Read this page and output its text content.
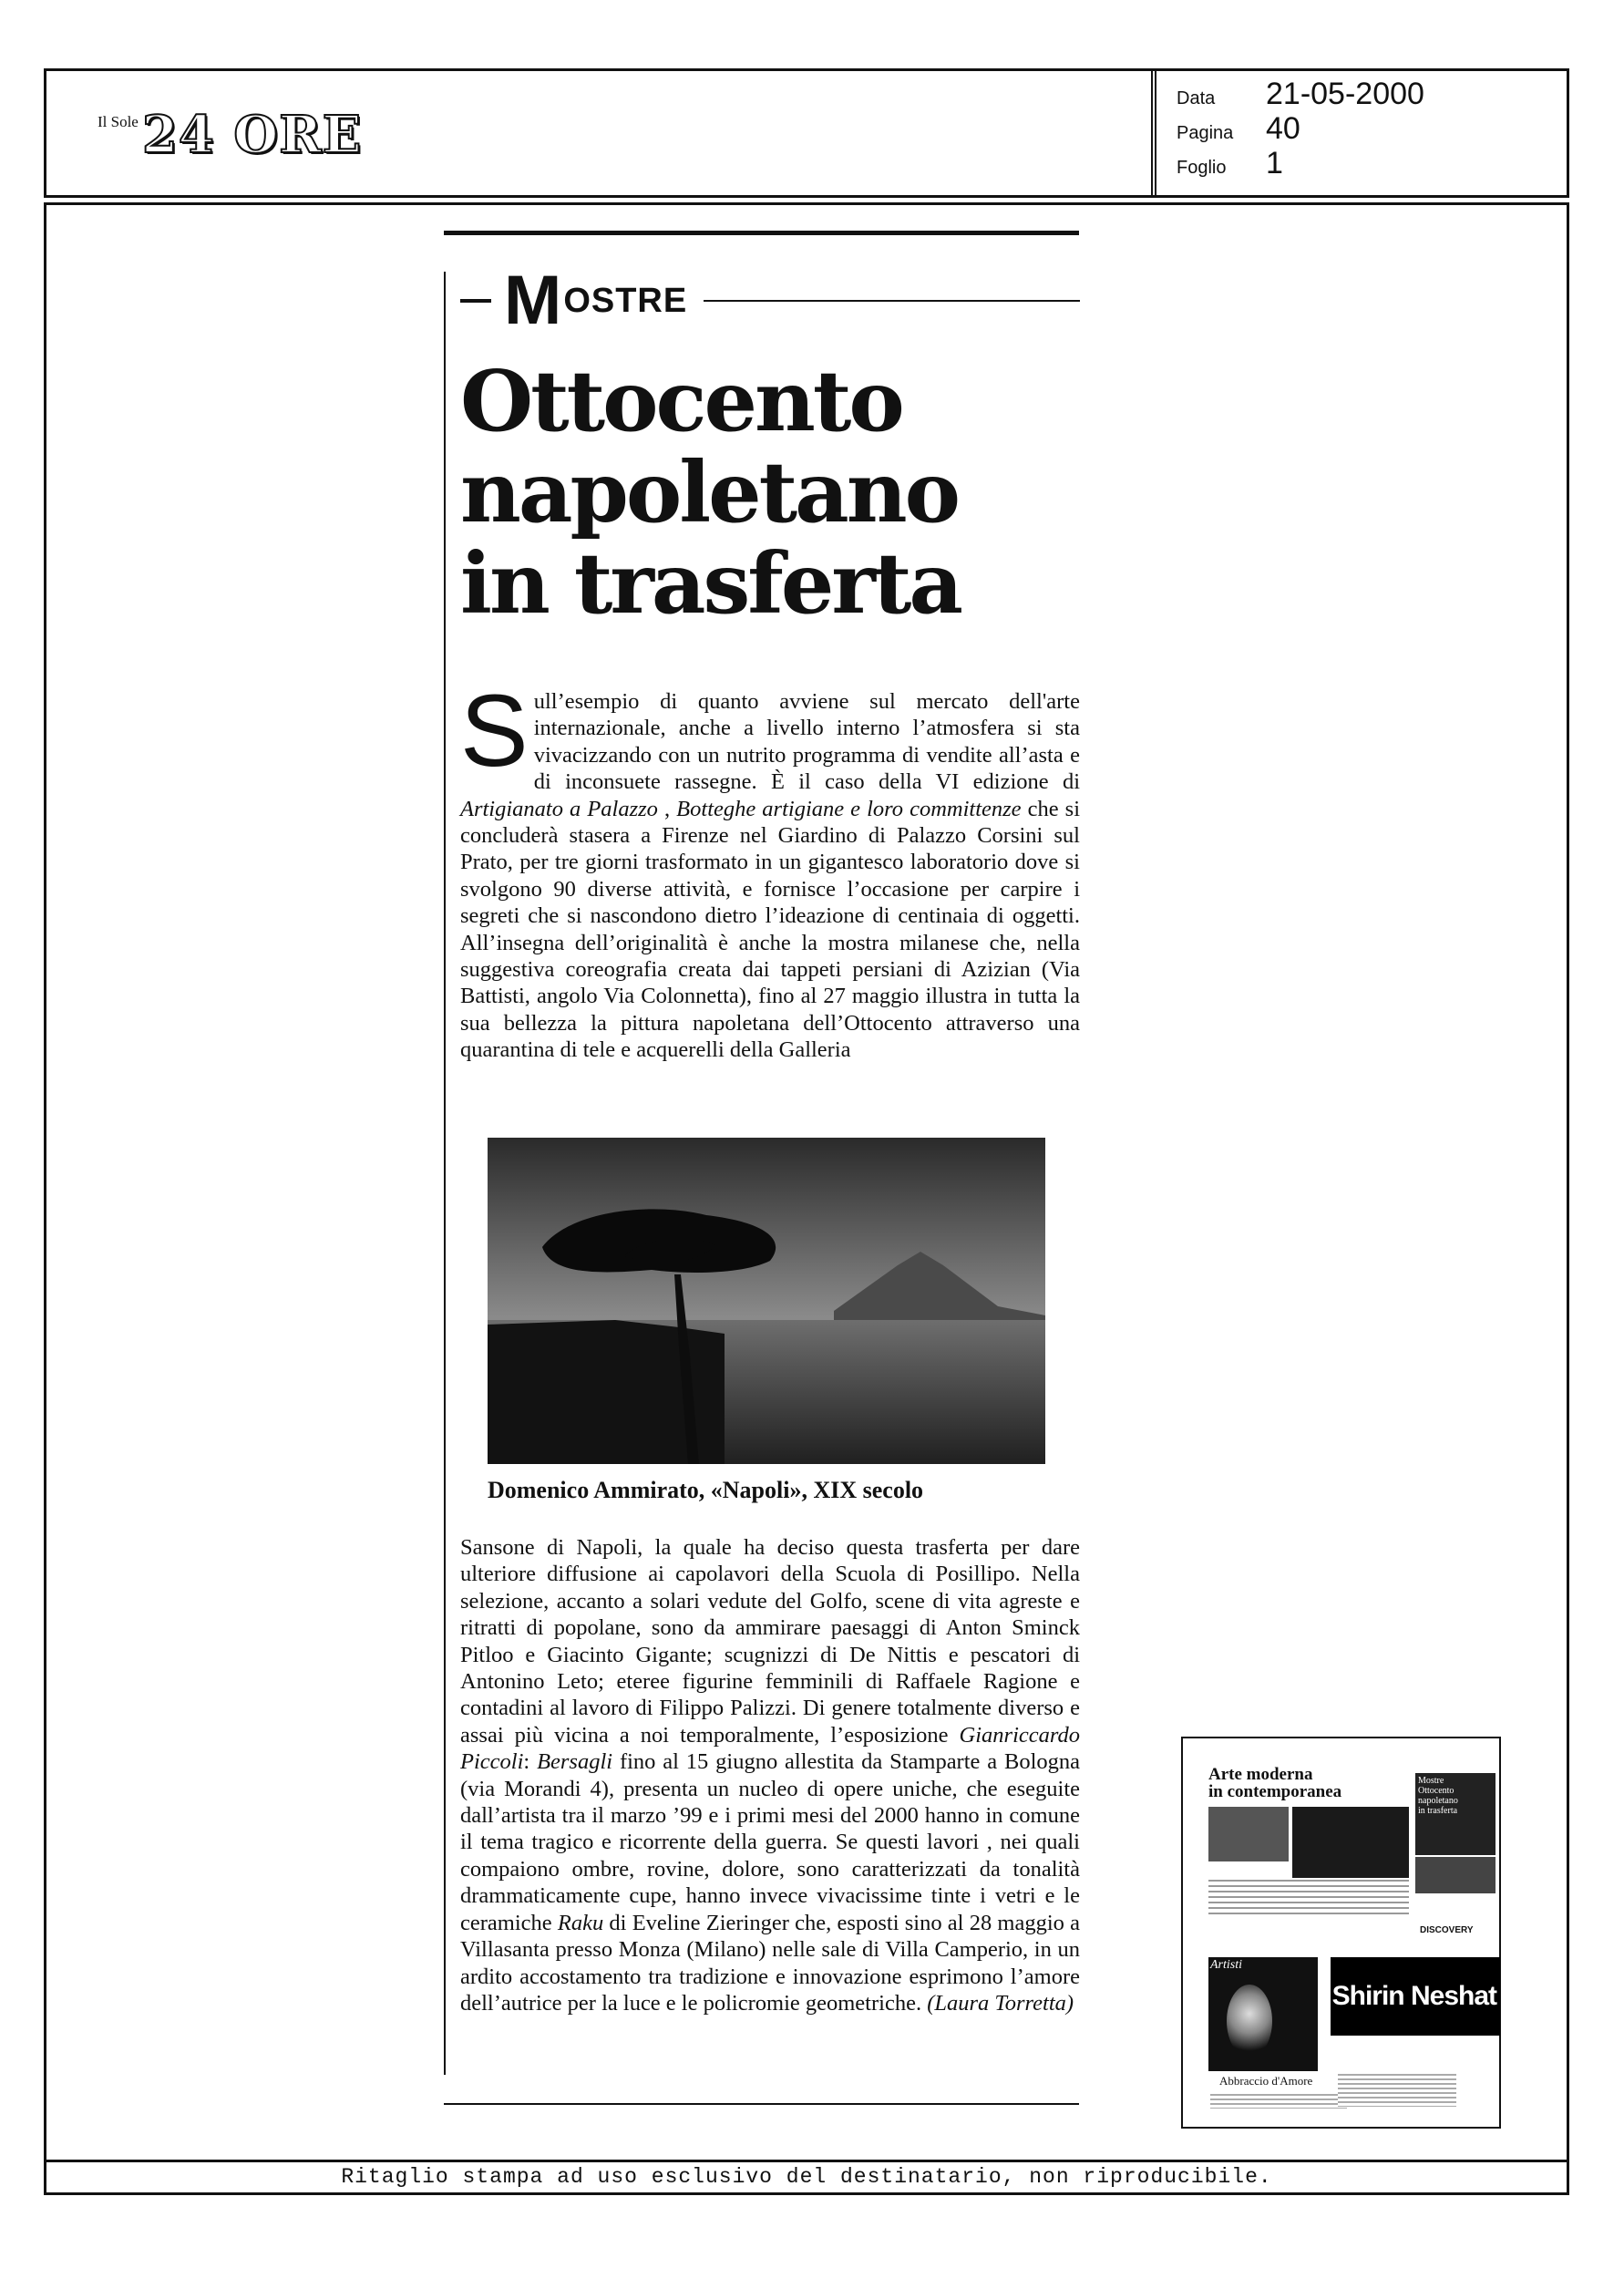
Il Sole 24 ORE
Data	21-05-2000
Pagina	40
Foglio	1
M OSTRE
Ottocento
napoletano
in trasferta

Sull’esempio di quanto avviene sul mercato dell'arte internazionale, anche a livello interno l’atmosfera si sta vivacizzando con un nutrito programma di vendite all’asta e di inconsuete rassegne. È il caso della VI edizione di Artigianato a Palazzo , Botteghe artigiane e loro committenze che si concluderà stasera a Firenze nel Giardino di Palazzo Corsini sul Prato, per tre giorni trasformato in un gigantesco laboratorio dove si svolgono 90 diverse attività, e fornisce l’occasione per carpire i segreti che si nascondono dietro l’ideazione di centinaia di oggetti. All’insegna dell’originalità è anche la mostra milanese che, nella suggestiva coreografia creata dai tappeti persiani di Azizian (Via Battisti, angolo Via Colonnetta), fino al 27 maggio illustra in tutta la sua bellezza la pittura napoletana dell’Ottocento attraverso una quarantina di tele e acquerelli della Galleria

Domenico Ammirato, «Napoli», XIX secolo

Sansone di Napoli, la quale ha deciso questa trasferta per dare ulteriore diffusione ai capolavori della Scuola di Posillipo. Nella selezione, accanto a solari vedute del Golfo, scene di vita agreste e ritratti di popolane, sono da ammirare paesaggi di Anton Sminck Pitloo e Giacinto Gigante; scugnizzi di De Nittis e pescatori di Antonino Leto; eteree figurine femminili di Raffaele Ragione e contadini al lavoro di Filippo Palizzi. Di genere totalmente diverso e assai più vicina a noi temporalmente, l’esposizione Gianriccardo Piccoli: Bersagli fino al 15 giugno allestita da Stamparte a Bologna (via Morandi 4), presenta un nucleo di opere uniche, che eseguite dall’artista tra il marzo ’99 e i primi mesi del 2000 hanno in comune il tema tragico e ricorrente della guerra. Se questi lavori , nei quali compaiono ombre, rovine, dolore, sono caratterizzati da tonalità drammaticamente cupe, hanno invece vivacissime tinte i vetri e le ceramiche Raku di Eveline Zieringer che, esposti sino al 28 maggio a Villasanta presso Monza (Milano) nelle sale di Villa Camperio, in un ardito accostamento tra tradizione e innovazione esprimono l’amore dell’autrice per la luce e le policromie geometriche. (Laura Torretta)

Arte moderna
in contemporanea
Mostre
Ottocento
napoletano
in trasferta
DISCOVERY
Artisti
Shirin Neshat
Abbraccio d'Amore
Ritaglio stampa ad uso esclusivo del destinatario, non riproducibile.
